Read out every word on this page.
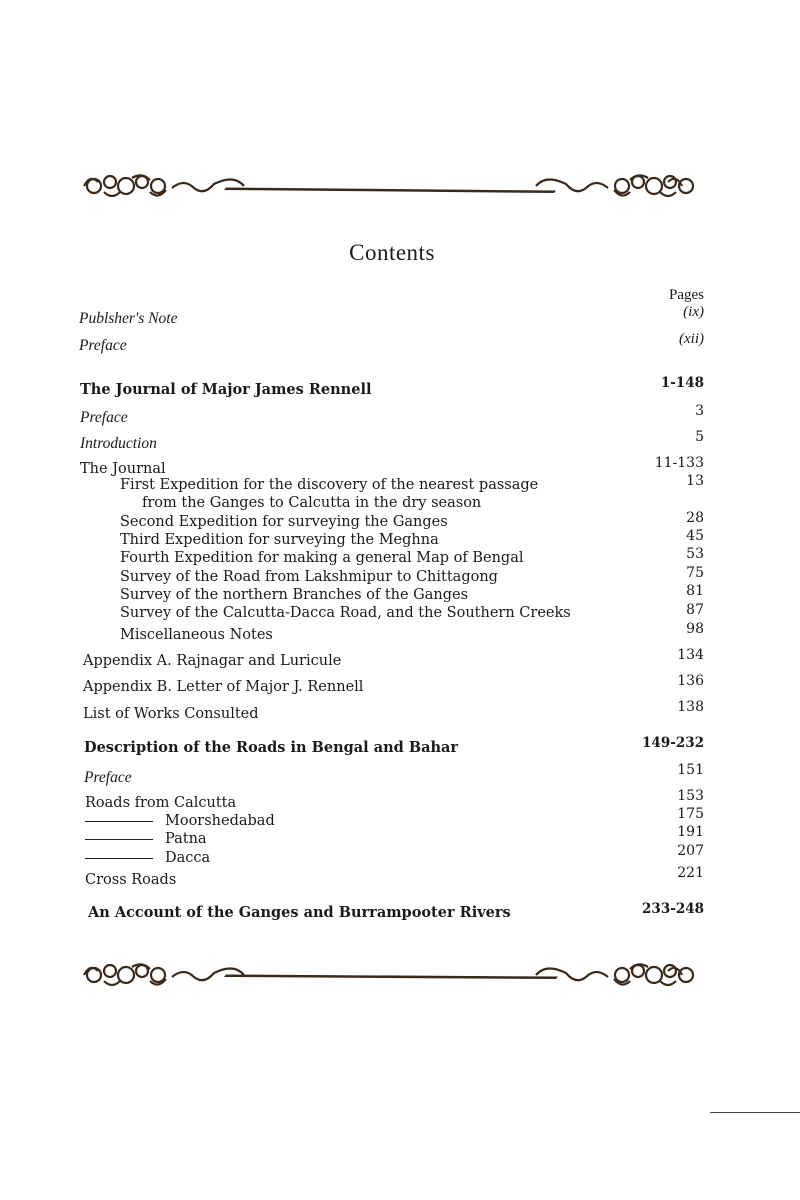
Contents
Pages
Publsher's Note	(ix)
Preface	(xii)
The Journal of Major James Rennell	1-148
Preface	3
Introduction	5
The Journal	11-133
First Expedition for the discovery of the nearest passage	13
from the Ganges to Calcutta in the dry season
Second Expedition for surveying the Ganges	28
Third Expedition for surveying the Meghna	45
Fourth Expedition for making a general Map of Bengal	53
Survey of the Road from Lakshmipur to Chittagong	75
Survey of the northern Branches of the Ganges	81
Survey of the Calcutta-Dacca Road, and the Southern Creeks	87
Miscellaneous Notes	98
Appendix A. Rajnagar and Luricule	134
Appendix B. Letter of Major J. Rennell	136
List of Works Consulted	138
Description of the Roads in Bengal and Bahar	149-232
Preface	151
Roads from Calcutta	153
Moorshedabad	175
Patna	191
Dacca	207
Cross Roads	221
An Account of the Ganges and Burrampooter Rivers	233-248
